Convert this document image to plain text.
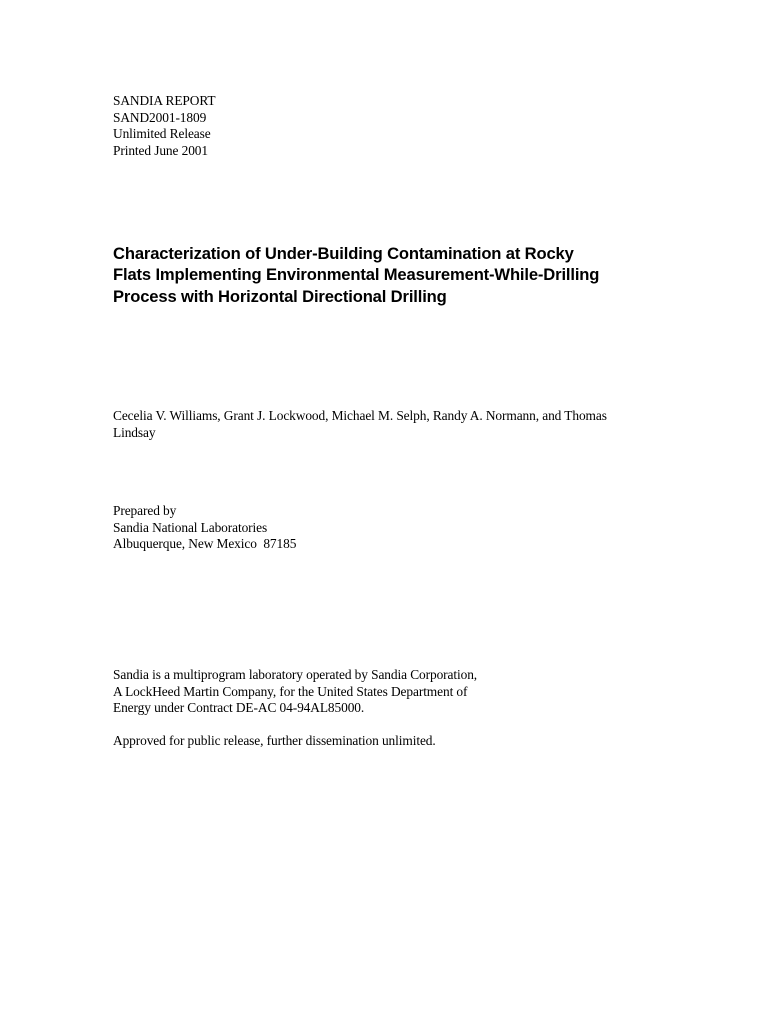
SANDIA REPORT
SAND2001-1809
Unlimited Release
Printed June 2001
Characterization of Under-Building Contamination at Rocky
Flats Implementing Environmental Measurement-While-Drilling
Process with Horizontal Directional Drilling
Cecelia V. Williams, Grant J. Lockwood, Michael M. Selph, Randy A. Normann, and Thomas
Lindsay
Prepared by
Sandia National Laboratories
Albuquerque, New Mexico  87185
Sandia is a multiprogram laboratory operated by Sandia Corporation,
A LockHeed Martin Company, for the United States Department of
Energy under Contract DE-AC 04-94AL85000.
Approved for public release, further dissemination unlimited.
